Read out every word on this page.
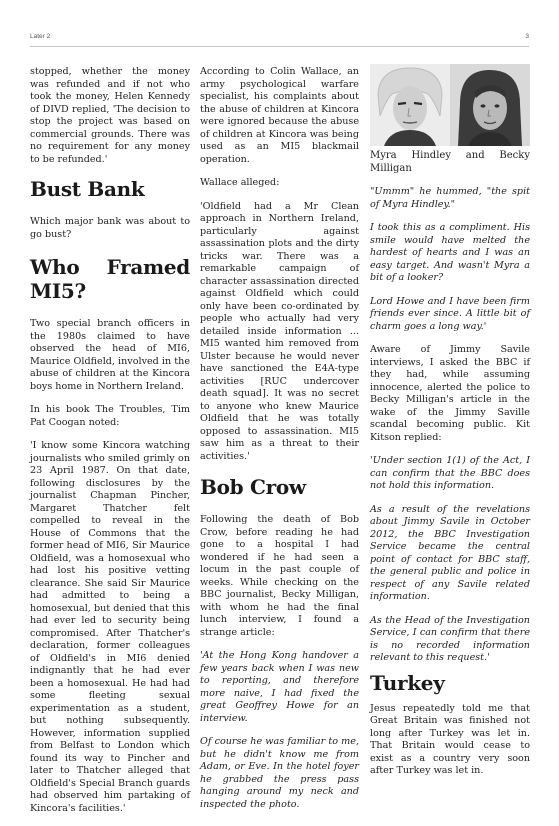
Later 2	3

stopped, whether the money was refunded and if not who took the money, Helen Kennedy of DIVD replied, 'The decision to stop the project was based on commercial grounds. There was no requirement for any money to be refunded.'

Bust Bank

Which major bank was about to go bust?

Who Framed MI5?

Two special branch officers in the 1980s claimed to have observed the head of MI6, Maurice Oldfield, involved in the abuse of children at the Kincora boys home in Northern Ireland.

In his book The Troubles, Tim Pat Coogan noted:

'I know some Kincora watching journalists who smiled grimly on 23 April 1987. On that date, following disclosures by the journalist Chapman Pincher, Margaret Thatcher felt compelled to reveal in the House of Commons that the former head of MI6, Sir Maurice Oldfield, was a homosexual who had lost his positive vetting clearance. She said Sir Maurice had admitted to being a homosexual, but denied that this had ever led to security being compromised. After Thatcher's declaration, former colleagues of Oldfield's in MI6 denied indignantly that he had ever been a homosexual. He had had some fleeting sexual experimentation as a student, but nothing subsequently. However, information supplied from Belfast to London which found its way to Pincher and later to Thatcher alleged that Oldfield's Special Branch guards had observed him partaking of Kincora's facilities.'

According to Colin Wallace, an army psychological warfare specialist, his complaints about the abuse of children at Kincora were ignored because the abuse of children at Kincora was being used as an MI5 blackmail operation.

Wallace alleged:

'Oldfield had a Mr Clean approach in Northern Ireland, particularly against assassination plots and the dirty tricks war. There was a remarkable campaign of character assassination directed against Oldfield which could only have been co-ordinated by people who actually had very detailed inside information ... MI5 wanted him removed from Ulster because he would never have sanctioned the E4A-type activities [RUC undercover death squad]. It was no secret to anyone who knew Maurice Oldfield that he was totally opposed to assassination. MI5 saw him as a threat to their activities.'

Bob Crow

Following the death of Bob Crow, before reading he had gone to a hospital I had wondered if he had seen a locum in the past couple of weeks. While checking on the BBC journalist, Becky Milligan, with whom he had the final lunch interview, I found a strange article:

'At the Hong Kong handover a few years back when I was new to reporting, and therefore more naive, I had fixed the great Geoffrey Howe for an interview.

Of course he was familiar to me, but he didn't know me from Adam, or Eve. In the hotel foyer he grabbed the press pass hanging around my neck and inspected the photo.

Myra Hindley and Becky Milligan

"Ummm" he hummed, "the spit of Myra Hindley."

I took this as a compliment. His smile would have melted the hardest of hearts and I was an easy target. And wasn't Myra a bit of a looker?

Lord Howe and I have been firm friends ever since. A little bit of charm goes a long way.'

Aware of Jimmy Savile interviews, I asked the BBC if they had, while assuming innocence, alerted the police to Becky Milligan's article in the wake of the Jimmy Saville scandal becoming public. Kit Kitson replied:

'Under section 1(1) of the Act, I can confirm that the BBC does not hold this information.

As a result of the revelations about Jimmy Savile in October 2012, the BBC Investigation Service became the central point of contact for BBC staff, the general public and police in respect of any Savile related information.

As the Head of the Investigation Service, I can confirm that there is no recorded information relevant to this request.'

Turkey

Jesus repeatedly told me that Great Britain was finished not long after Turkey was let in. That Britain would cease to exist as a country very soon after Turkey was let in.
